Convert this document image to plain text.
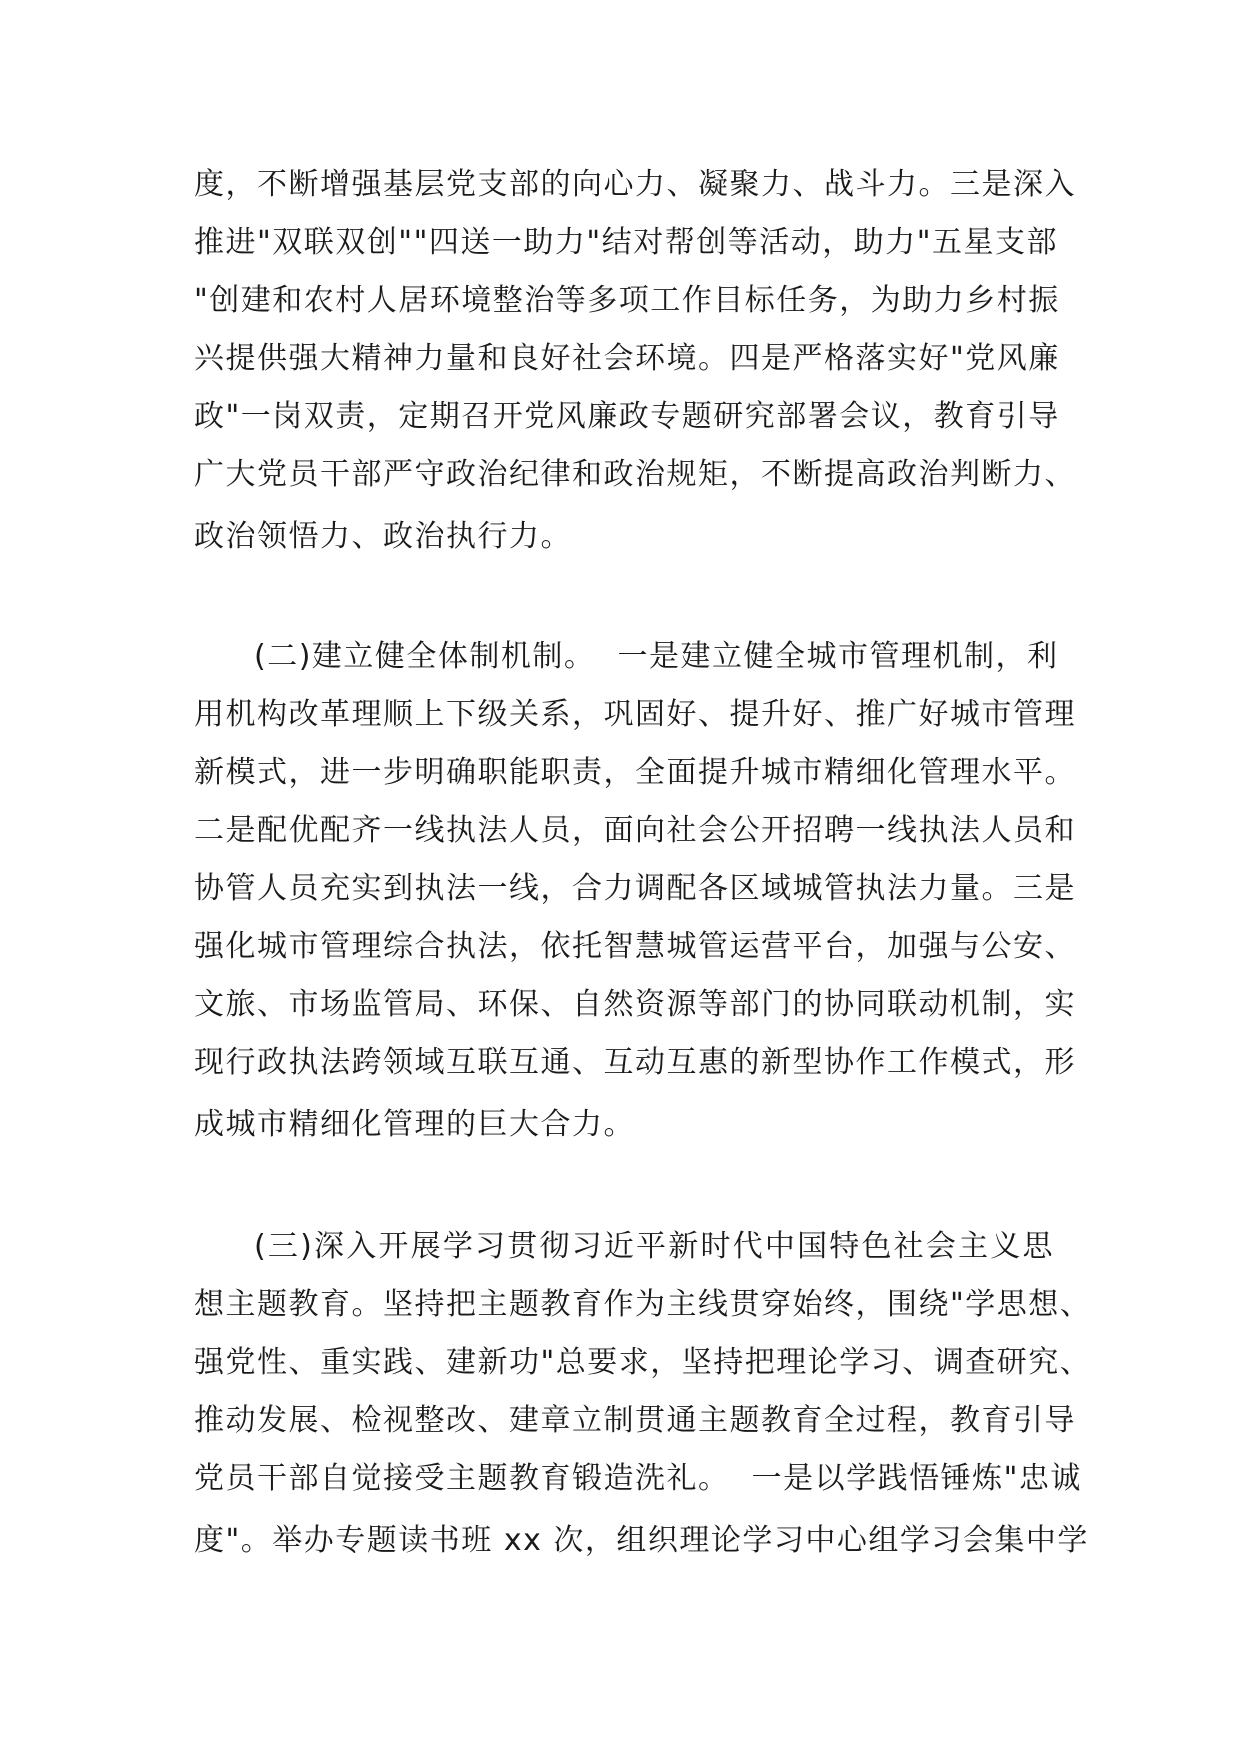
度，不断增强基层党支部的向心力、凝聚力、战斗力。三是深入
推进"双联双创""四送一助力"结对帮创等活动，助力"五星支部
"创建和农村人居环境整治等多项工作目标任务，为助力乡村振
兴提供强大精神力量和良好社会环境。四是严格落实好"党风廉
政"一岗双责，定期召开党风廉政专题研究部署会议，教育引导
广大党员干部严守政治纪律和政治规矩，不断提高政治判断力、
政治领悟力、政治执行力。
(二)建立健全体制机制。  一是建立健全城市管理机制，利
用机构改革理顺上下级关系，巩固好、提升好、推广好城市管理
新模式，进一步明确职能职责，全面提升城市精细化管理水平。
二是配优配齐一线执法人员，面向社会公开招聘一线执法人员和
协管人员充实到执法一线，合力调配各区域城管执法力量。三是
强化城市管理综合执法，依托智慧城管运营平台，加强与公安、
文旅、市场监管局、环保、自然资源等部门的协同联动机制，实
现行政执法跨领域互联互通、互动互惠的新型协作工作模式，形
成城市精细化管理的巨大合力。
(三)深入开展学习贯彻习近平新时代中国特色社会主义思
想主题教育。坚持把主题教育作为主线贯穿始终，围绕"学思想、
强党性、重实践、建新功"总要求，坚持把理论学习、调查研究、
推动发展、检视整改、建章立制贯通主题教育全过程，教育引导
党员干部自觉接受主题教育锻造洗礼。  一是以学践悟锤炼"忠诚
度"。举办专题读书班 xx 次，组织理论学习中心组学习会集中学
